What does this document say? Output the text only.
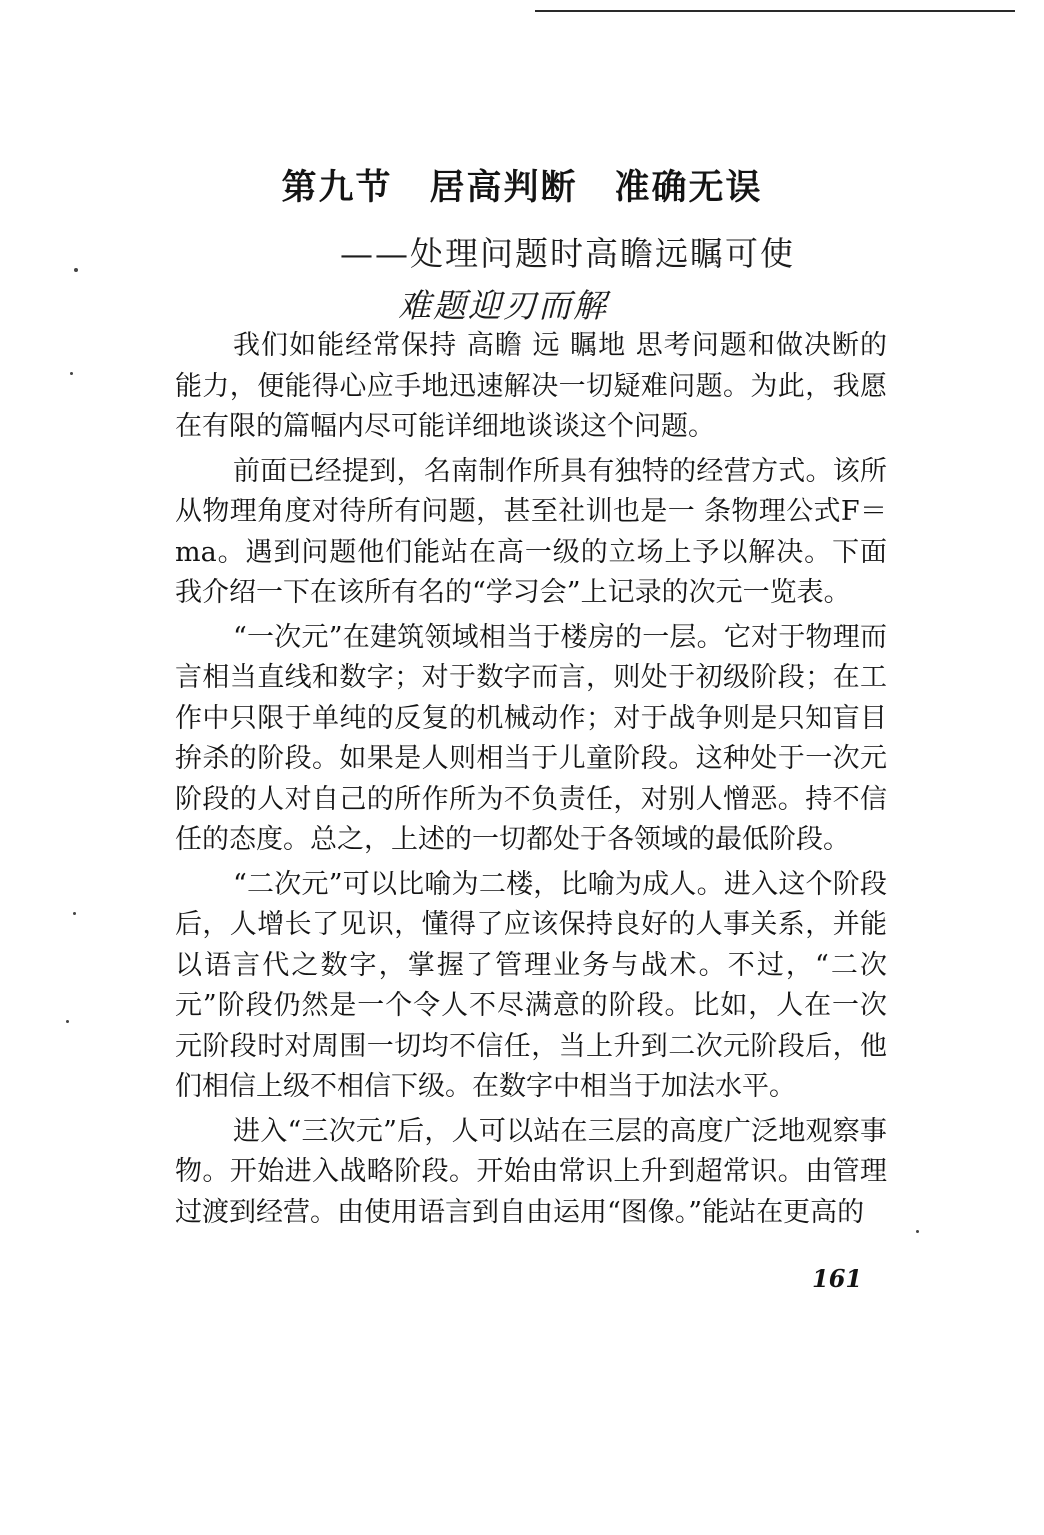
第九节　居高判断　准确无误
——处理问题时高瞻远瞩可使
难题迎刃而解

我们如能经常保持 高瞻 远 瞩地 思考问题和做决断的能力，便能得心应手地迅速解决一切疑难问题。为此，我愿在有限的篇幅内尽可能详细地谈谈这个问题。

前面已经提到，名南制作所具有独特的经营方式。该所从物理角度对待所有问题，甚至社训也是一 条物理公式F＝ma。遇到问题他们能站在高一级的立场上予以解决。下面我介绍一下在该所有名的“学习会”上记录的次元一览表。

“一次元”在建筑领域相当于楼房的一层。它对于物理而言相当直线和数字；对于数字而言，则处于初级阶段；在工作中只限于单纯的反复的机械动作；对于战争则是只知盲目拚杀的阶段。如果是人则相当于儿童阶段。这种处于一次元阶段的人对自己的所作所为不负责任，对别人憎恶。持不信任的态度。总之，上述的一切都处于各领域的最低阶段。

“二次元”可以比喻为二楼，比喻为成人。进入这个阶段后，人增长了见识，懂得了应该保持良好的人事关系，并能以语言代之数字，掌握了管理业务与战术。不过，“二次元”阶段仍然是一个令人不尽满意的阶段。比如，人在一次元阶段时对周围一切均不信任，当上升到二次元阶段后，他们相信上级不相信下级。在数字中相当于加法水平。

进入“三次元”后，人可以站在三层的高度广泛地观察事物。开始进入战略阶段。开始由常识上升到超常识。由管理过渡到经营。由使用语言到自由运用“图像。”能站在更高的

161
